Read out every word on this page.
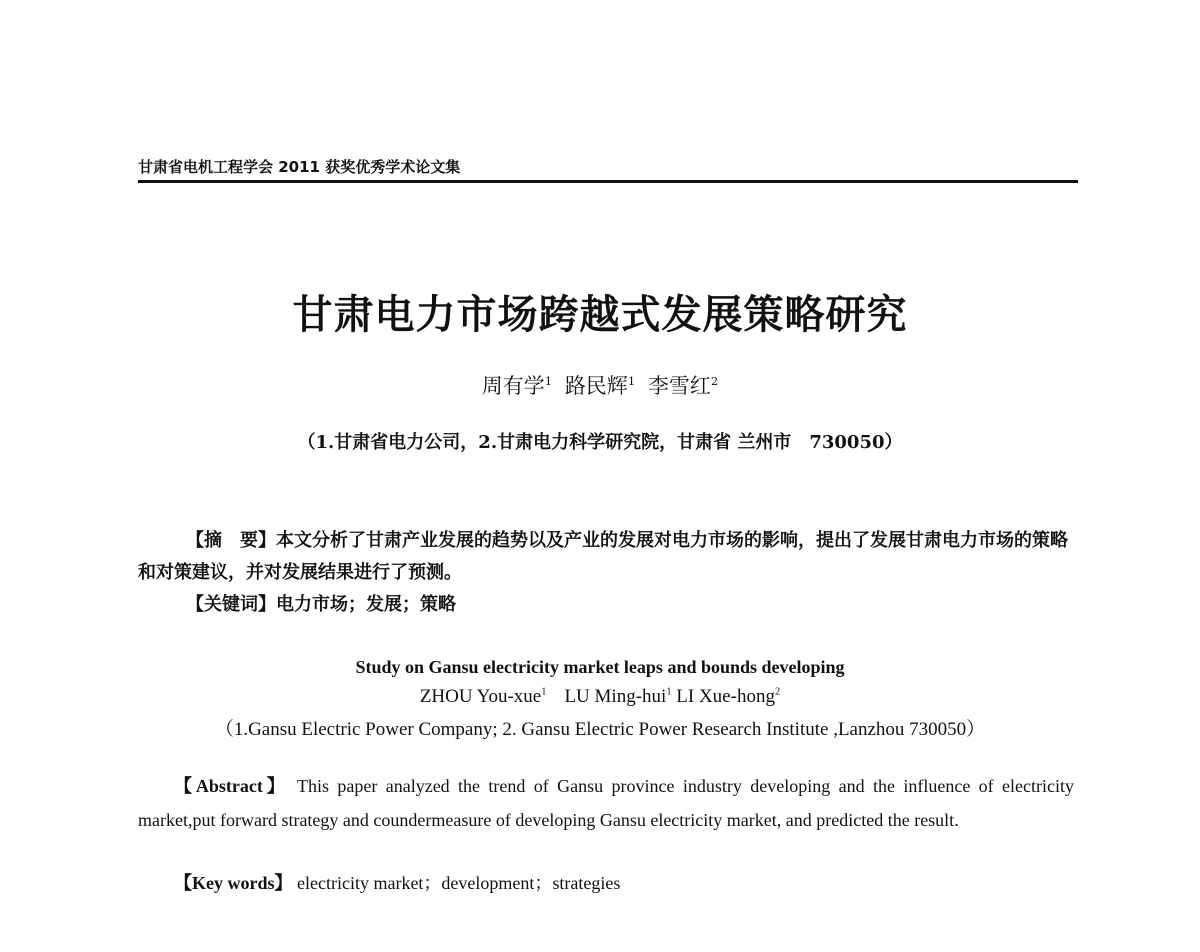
甘肃省电机工程学会 2011 获奖优秀学术论文集
甘肃电力市场跨越式发展策略研究
周有学$^1$ 路民辉$^1$ 李雪红$^2$
（1.甘肃省电力公司，2.甘肃电力科学研究院，甘肃省 兰州市　730050）

【摘　要】本文分析了甘肃产业发展的趋势以及产业的发展对电力市场的影响，提出了发展甘肃电力市场的策略和对策建议，并对发展结果进行了预测。

【关键词】电力市场；发展；策略
Study on Gansu electricity market leaps and bounds developing
ZHOU You-xue$^1$ LU Ming-hui$^1$ LI Xue-hong$^2$
（1.Gansu Electric Power Company; 2. Gansu Electric Power Research Institute ,Lanzhou 730050）

【Abstract】 This paper analyzed the trend of Gansu province industry developing and the influence of electricity market,put forward strategy and coundermeasure of developing Gansu electricity market, and predicted the result.

【Key words】 electricity market；development；strategies
